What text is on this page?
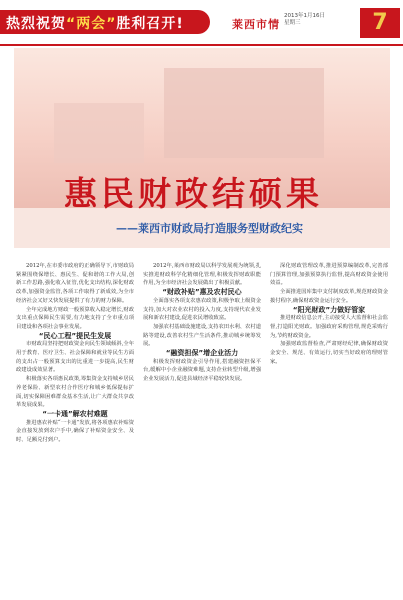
热烈祝贺“两会”胜利召开!	莱西市情
2013年1月16日
星期三	7
惠民财政结硕果
——莱西市财政局打造服务型财政纪实

2012年,在市委市政府的正确领导下,市财政局紧紧围绕保增长、惠民生、促和谐的工作大局,创新工作思路,强化收入征管,优化支出结构,深化财政改革,加强资金监管,各项工作取得了新成效,为全市经济社会又好又快发展提供了有力的财力保障。

全年完成地方财政一般预算收入稳定增长,财政支出重点保障民生需要,有力地支持了全市重点项目建设和各项社会事业发展。

“民心工程”提民生发展

市财政局坚持把财政资金向民生领域倾斜,全年用于教育、医疗卫生、社会保障和就业等民生方面的支出占一般预算支出的比重进一步提高,民生财政建设成效显著。

积极落实各项惠民政策,筹集资金支持城乡居民养老保险、新型农村合作医疗和城乡低保提标扩面,切实保障困难群众基本生活,让广大群众共享改革发展成果。

“一卡通”解农村难题

推进惠农补贴“一卡通”发放,将各项惠农补贴资金直接发放到农户手中,确保了补贴资金安全、及时、足额兑付到户。

2012年,莱西市财政局以科学发展观为统领,扎实推进财政科学化精细化管理,积极发挥财政职能作用,为全市经济社会发展做出了积极贡献。

“财政补贴”惠及农村民心

全面落实各项支农惠农政策,积极争取上级资金支持,加大对农业农村的投入力度,支持现代农业发展和新农村建设,促进农民增收致富。

加强农村基础设施建设,支持农田水利、农村道路等建设,改善农村生产生活条件,推动城乡统筹发展。

“融资担保”增企业活力

积极发挥财政资金引导作用,搭建融资担保平台,缓解中小企业融资难题,支持企业转型升级,增强企业发展活力,促进县域经济平稳较快发展。

深化财政管理改革,推进预算编制改革,完善部门预算管理,加强预算执行监督,提高财政资金使用效益。

全面推进国库集中支付制度改革,规范财政资金拨付程序,确保财政资金运行安全。

“阳光财政”力做好管家

推进财政信息公开,主动接受人大监督和社会监督,打造阳光财政。加强政府采购管理,规范采购行为,节约财政资金。

加强财政监督检查,严肃财经纪律,确保财政资金安全、规范、有效运行,切实当好政府的理财管家。
